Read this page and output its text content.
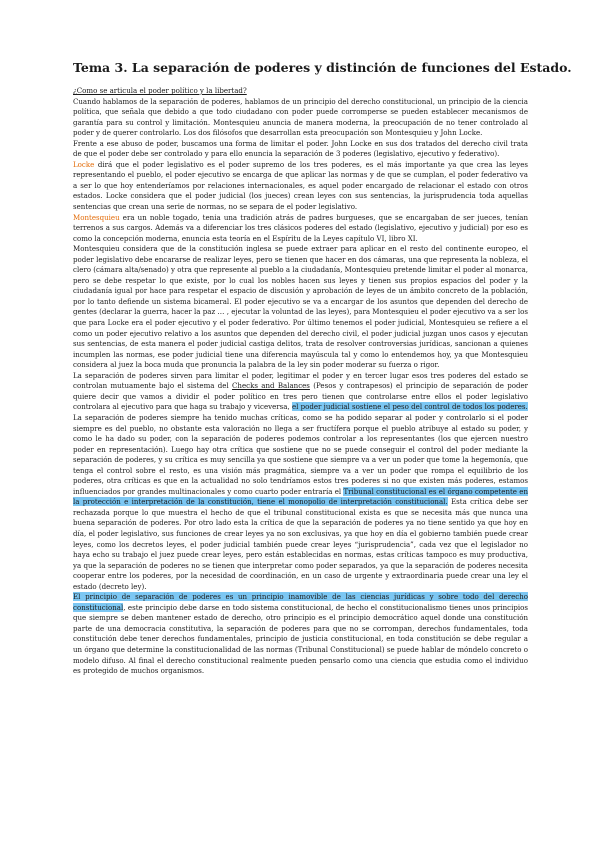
Tema 3. La separación de poderes y distinción de funciones del Estado.

¿Como se articula el poder político y la libertad?

Cuando hablamos de la separación de poderes, hablamos de un principio del derecho constitucional, un principio de la ciencia política, que señala que debido a que todo ciudadano con poder puede corromperse se pueden establecer mecanismos de garantía para su control y limitación. Montesquieu anuncia de manera moderna, la preocupación de no tener controlado al poder y de querer controlarlo. Los dos filósofos que desarrollan esta preocupación son Montesquieu y John Locke.

Frente a ese abuso de poder, buscamos una forma de limitar el poder. John Locke en sus dos tratados del derecho civil trata de que el poder debe ser controlado y para ello enuncia la separación de 3 poderes (legislativo, ejecutivo y federativo).

Locke dirá que el poder legislativo es el poder supremo de los tres poderes, es el más importante ya que crea las leyes representando el pueblo, el poder ejecutivo se encarga de que aplicar las normas y de que se cumplan, el poder federativo va a ser lo que hoy entenderíamos por relaciones internacionales, es aquel poder encargado de relacionar el estado con otros estados. Locke considera que el poder judicial (los jueces) crean leyes con sus sentencias, la jurisprudencia toda aquellas sentencias que crean una serie de normas, no se separa de el poder legislativo.

Montesquieu era un noble togado, tenia una tradición atrás de padres burgueses, que se encargaban de ser jueces, tenían terrenos a sus cargos. Además va a diferenciar los tres clásicos poderes del estado (legislativo, ejecutivo y judicial) por eso es como la concepción moderna, enuncia esta teoría en el Espíritu de la Leyes capítulo VI, libro XI.

Montesquieu considera que de la constitución inglesa se puede extraer para aplicar en el resto del continente europeo, el poder legislativo debe encararse de realizar leyes, pero se tienen que hacer en dos cámaras, una que representa la nobleza, el clero (cámara alta/senado) y otra que represente al pueblo a la ciudadanía, Montesquieu pretende limitar el poder al monarca, pero se debe respetar lo que existe, por lo cual los nobles hacen sus leyes y tienen sus propios espacios del poder y la ciudadanía igual por hace para respetar el espacio de discusión y aprobación de leyes de un ámbito concreto de la población, por lo tanto defiende un sistema bicameral. El poder ejecutivo se va a encargar de los asuntos que dependen del derecho de gentes (declarar la guerra, hacer la paz … , ejecutar la voluntad de las leyes), para Montesquieu el poder ejecutivo va a ser los que para Locke era el poder ejecutivo y el poder federativo. Por último tenemos el poder judicial, Montesquieu se refiere a el como un poder ejecutivo relativo a los asuntos que dependen del derecho civil, el poder judicial juzgan unos casos y ejecutan sus sentencias, de esta manera el poder judicial castiga delitos, trata de resolver controversias jurídicas, sancionan a quienes incumplen las normas, ese poder judicial tiene una diferencia mayúscula tal y como lo entendemos hoy, ya que Montesquieu considera al juez la boca muda que pronuncia la palabra de la ley sin poder moderar su fuerza o rigor.

La separación de poderes sirven para limitar el poder, legitimar el poder y en tercer lugar esos tres poderes del estado se controlan mutuamente bajo el sistema del Checks and Balances (Pesos y contrapesos) el principio de separación de poder quiere decir que vamos a dividir el poder político en tres pero tienen que controlarse entre ellos el poder legislativo controlara al ejecutivo para que haga su trabajo y viceversa, el poder judicial sostiene el peso del control de todos los poderes.

La separación de poderes siempre ha tenido muchas críticas, como se ha podido separar al poder y controlarlo si el poder siempre es del pueblo, no obstante esta valoración no llega a ser fructífera porque el pueblo atribuye al estado su poder, y como le ha dado su poder, con la separación de poderes podemos controlar a los representantes (los que ejercen nuestro poder en representación). Luego hay otra crítica que sostiene que no se puede conseguir el control del poder mediante la separación de poderes, y su crítica es muy sencilla ya que sostiene que siempre va a ver un poder que tome la hegemonía, que tenga el control sobre el resto, es una visión más pragmática, siempre va a ver un poder que rompa el equilibrio de los poderes, otra críticas es que en la actualidad no solo tendríamos estos tres poderes si no que existen más poderes, estamos influenciados por grandes multinacionales y como cuarto poder entraría el Tribunal constitucional es el órgano competente en la protección e interpretación de la constitución, tiene el monopolio de interpretación constitucional. Esta crítica debe ser rechazada porque lo que muestra el hecho de que el tribunal constitucional exista es que se necesita más que nunca una buena separación de poderes. Por otro lado esta la crítica de que la separación de poderes ya no tiene sentido ya que hoy en día, el poder legislativo, sus funciones de crear leyes ya no son exclusivas, ya que hoy en día el gobierno también puede crear leyes, como los decretos leyes, el poder judicial también puede crear leyes “jurisprudencia”, cada vez que el legislador no haya echo su trabajo el juez puede crear leyes, pero están establecidas en normas, estas críticas tampoco es muy productiva, ya que la separación de poderes no se tienen que interpretar como poder separados, ya que la separación de poderes necesita cooperar entre los poderes, por la necesidad de coordinación, en un caso de urgente y extraordinaria puede crear una ley el estado (decreto ley).

El principio de separación de poderes es un principio inamovible de las ciencias jurídicas y sobre todo del derecho constitucional, este principio debe darse en todo sistema constitucional, de hecho el constitucionalismo tienes unos principios que siempre se deben mantener estado de derecho, otro principio es el principio democrático aquel donde una constitución parte de una democracia constitutiva, la separación de poderes para que no se corrompan, derechos fundamentales, toda constitución debe tener derechos fundamentales, principio de justicia constitucional, en toda constitución se debe regular a un órgano que determine la constitucionalidad de las normas (Tribunal Constitucional) se puede hablar de móndelo concreto o modelo difuso. Al final el derecho constitucional realmente pueden pensarlo como una ciencia que estudia como el individuo es protegido de muchos organismos.
